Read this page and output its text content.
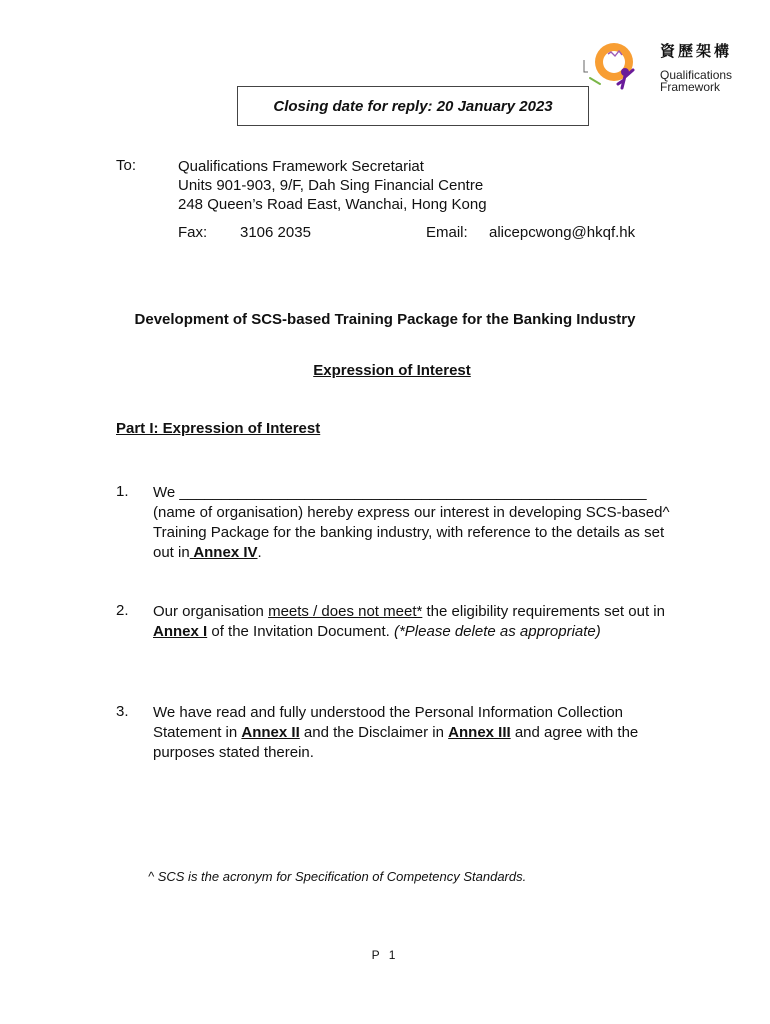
資歷架構
Qualifications
Framework
Closing date for reply: 20 January 2023
To:	Qualifications Framework Secretariat
Units 901-903, 9/F, Dah Sing Financial Centre
248 Queen’s Road East, Wanchai, Hong Kong
Fax: 3106 2035	Email: alicepcwong@hkqf.hk
Development of SCS-based Training Package for the Banking Industry
Expression of Interest
Part I: Expression of Interest
1. We ________________________________________________________ (name of organisation) hereby express our interest in developing SCS-based^ Training Package for the banking industry, with reference to the details as set out in Annex IV.
2. Our organisation meets / does not meet* the eligibility requirements set out in Annex I of the Invitation Document. (*Please delete as appropriate)
3. We have read and fully understood the Personal Information Collection Statement in Annex II and the Disclaimer in Annex III and agree with the purposes stated therein.
^ SCS is the acronym for Specification of Competency Standards.
P 1
